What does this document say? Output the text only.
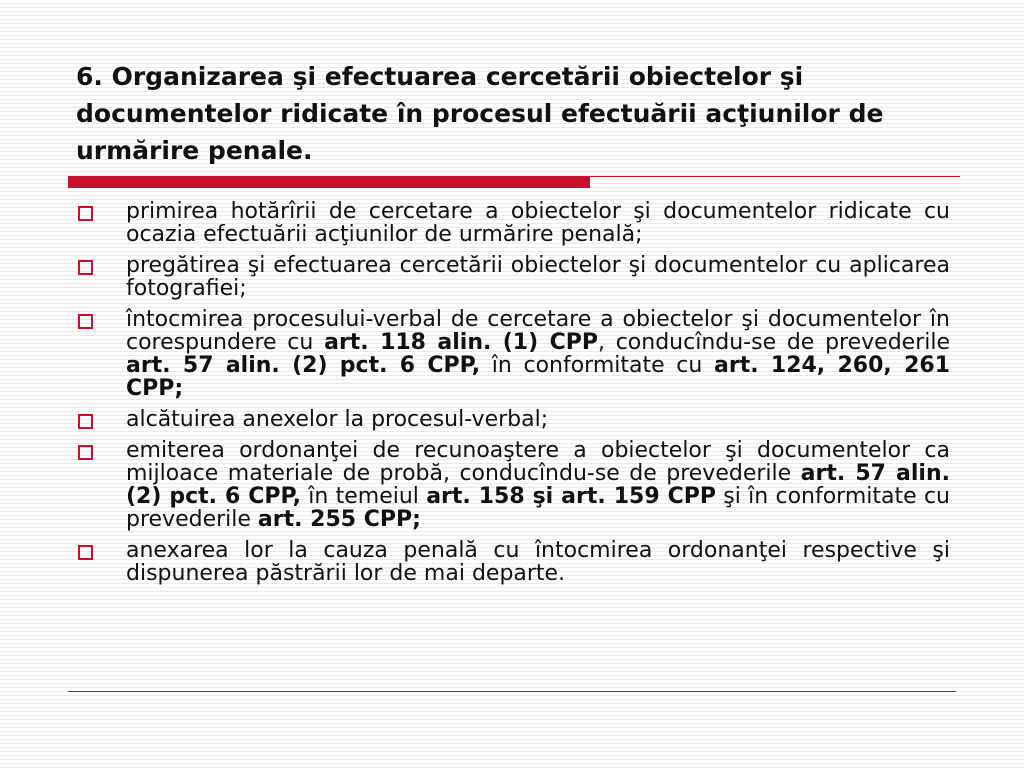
6. Organizarea şi efectuarea cercetării obiectelor şi documentelor ridicate în procesul efectuării acţiunilor de urmărire penale.
primirea hotărîrii de cercetare a obiectelor şi documentelor ridicate cu ocazia efectuării acţiunilor de urmărire penală;
pregătirea şi efectuarea cercetării obiectelor şi documentelor cu aplicarea fotografiei;
întocmirea procesului-verbal de cercetare a obiectelor şi documentelor în corespundere cu art. 118 alin. (1) CPP, conducîndu-se de prevederile art. 57 alin. (2) pct. 6 CPP, în conformitate cu art. 124, 260, 261 CPP;
alcătuirea anexelor la procesul-verbal;
emiterea ordonanţei de recunoaştere a obiectelor şi documentelor ca mijloace materiale de probă, conducîndu-se de prevederile art. 57 alin. (2) pct. 6 CPP, în temeiul art. 158 şi art. 159 CPP şi în conformitate cu prevederile art. 255 CPP;
anexarea lor la cauza penală cu întocmirea ordonanţei respective şi dispunerea păstrării lor de mai departe.
